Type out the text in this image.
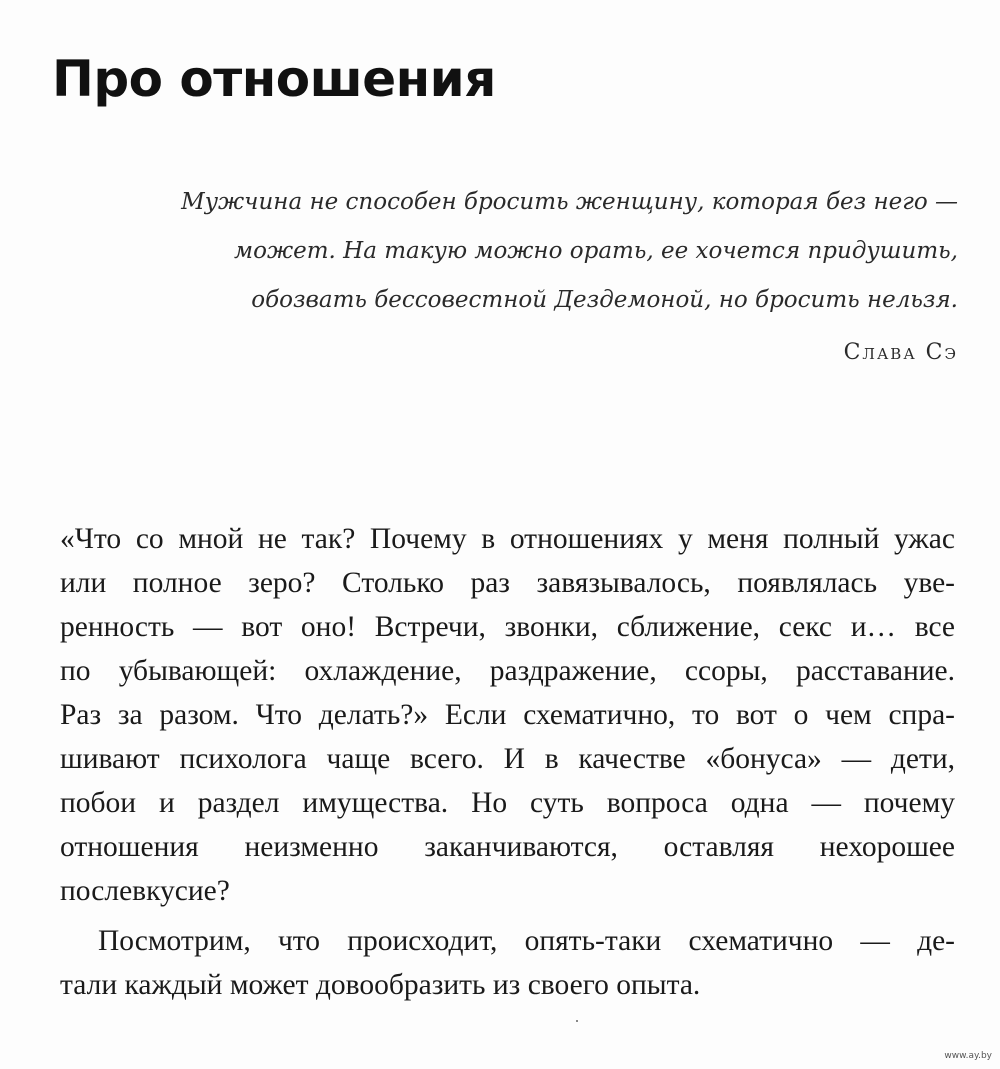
Про отношения
Мужчина не способен бросить женщину, которая без него —
может. На такую можно орать, ее хочется придушить,
обозвать бессовестной Дездемоной, но бросить нельзя.
Слава Сэ
«Что со мной не так? Почему в отношениях у меня полный ужас
или полное зеро? Столько раз завязывалось, появлялась уве-
ренность — вот оно! Встречи, звонки, сближение, секс и… все
по убывающей: охлаждение, раздражение, ссоры, расставание.
Раз за разом. Что делать?» Если схематично, то вот о чем спра-
шивают психолога чаще всего. И в качестве «бонуса» — дети,
побои и раздел имущества. Но суть вопроса одна — почему
отношения неизменно заканчиваются, оставляя нехорошее
послевкусие?
Посмотрим, что происходит, опять-таки схематично — де-
тали каждый может довообразить из своего опыта.
www.ay.by
